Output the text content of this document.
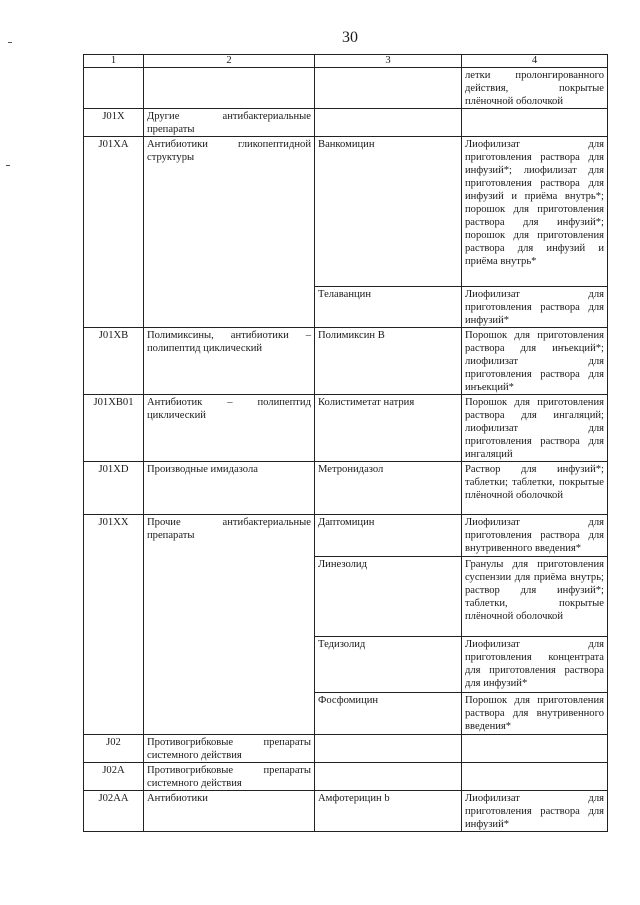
30
1	2	3	4
			летки пролонгированного действия, покрытые плёночной оболочкой
J01X	Другие антибактериальные препараты		
J01XA	Антибиотики гликопептидной структуры	Ванкомицин	Лиофилизат для приготовления раствора для инфузий*; лиофилизат для приготовления раствора для инфузий и приёма внутрь*; порошок для приготовления раствора для инфузий*; порошок для приготовления раствора для инфузий и приёма внутрь*
		Телаванцин	Лиофилизат для приготовления раствора для инфузий*
J01XB	Полимиксины, антибиотики – полипептид циклический	Полимиксин B	Порошок для приготовления раствора для инъекций*; лиофилизат для приготовления раствора для инъекций*
J01XB01	Антибиотик – полипептид циклический	Колистиметат натрия	Порошок для приготовления раствора для ингаляций; лиофилизат для приготовления раствора для ингаляций
J01XD	Производные имидазола	Метронидазол	Раствор для инфузий*; таблетки; таблетки, покрытые плёночной оболочкой
J01XX	Прочие антибактериальные препараты	Даптомицин	Лиофилизат для приготовления раствора для внутривенного введения*
		Линезолид	Гранулы для приготовления суспензии для приёма внутрь; раствор для инфузий*; таблетки, покрытые плёночной оболочкой
		Тедизолид	Лиофилизат для приготовления концентрата для приготовления раствора для инфузий*
		Фосфомицин	Порошок для приготовления раствора для внутривенного введения*
J02	Противогрибковые препараты системного действия		
J02A	Противогрибковые препараты системного действия		
J02AA	Антибиотики	Амфотерицин b	Лиофилизат для приготовления раствора для инфузий*
